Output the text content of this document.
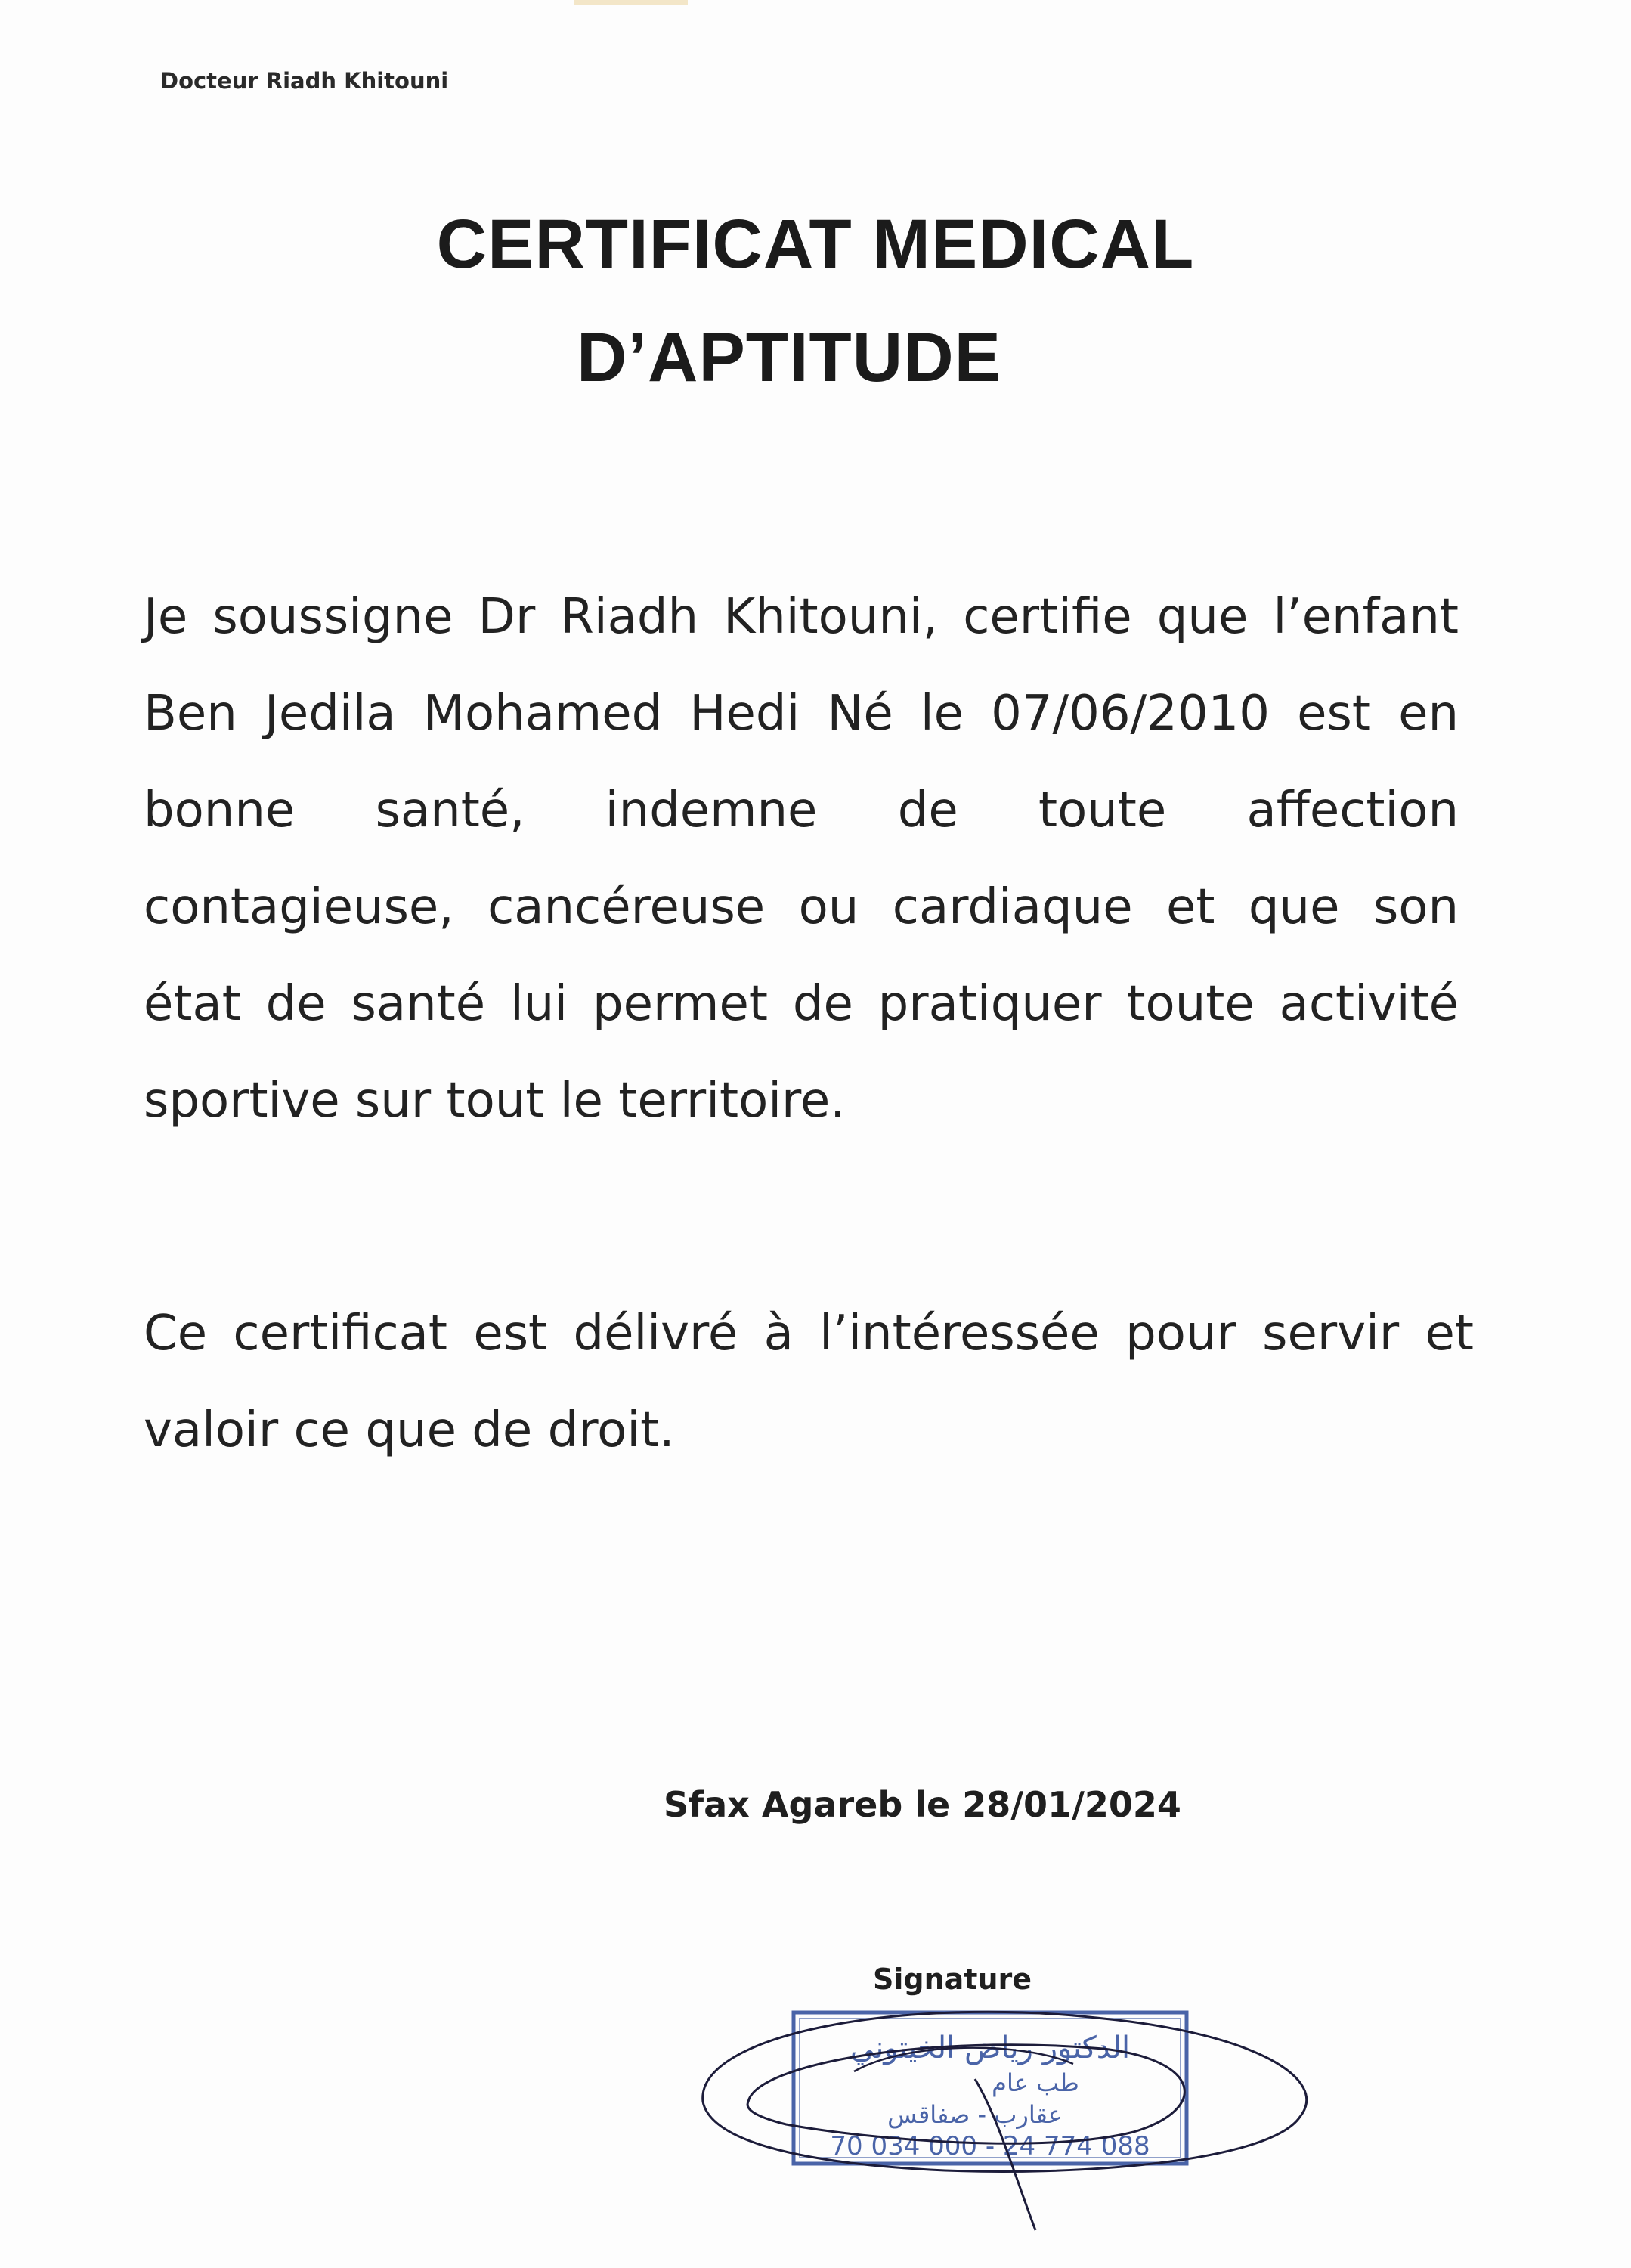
Docteur Riadh Khitouni
CERTIFICAT MEDICAL
D’APTITUDE
Je soussigne Dr Riadh Khitouni, certifie que l’enfant Ben Jedila Mohamed Hedi Né le 07/06/2010 est en bonne santé, indemne de toute affection contagieuse, cancéreuse ou cardiaque et que son état de santé lui permet de pratiquer toute activité sportive sur tout le territoire.
Ce certificat est délivré à l’intéressée pour servir et valoir ce que de droit.
Sfax Agareb le 28/01/2024
Signature
الدكتور رياض الخيتوني
طب عام
عقارب - صفاقس
70 034 000 - 24 774 088
